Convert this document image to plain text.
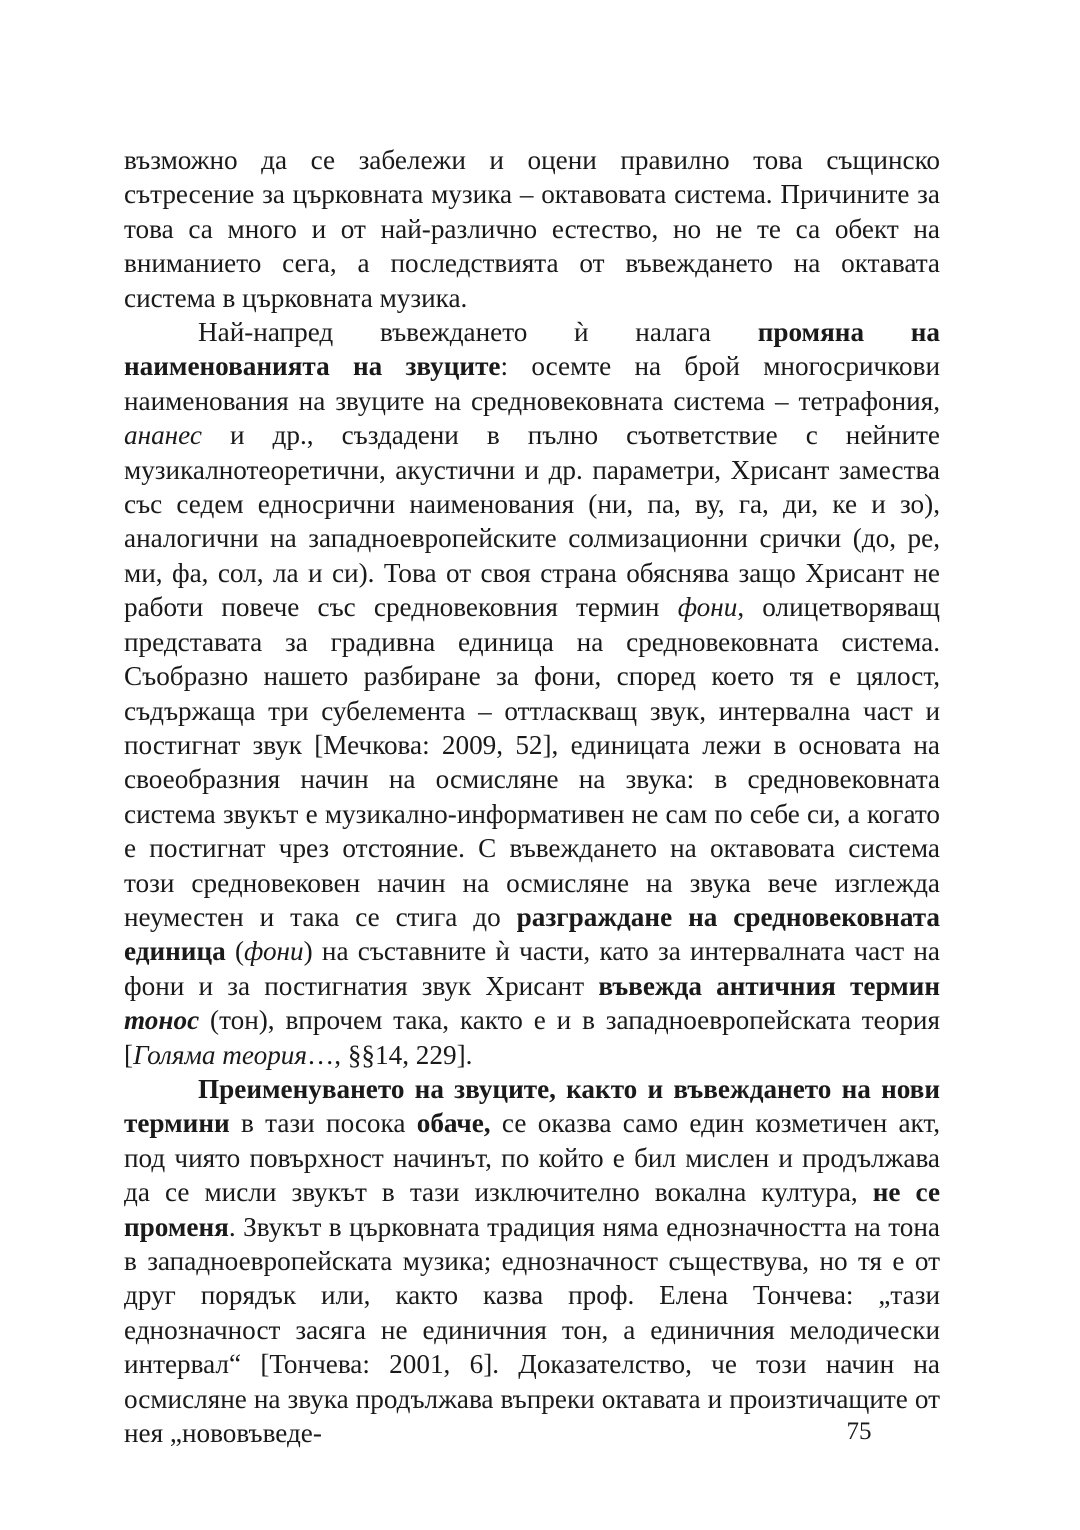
възможно да се забележи и оцени правилно това същинско сътресение за църковната музика – октавовата система. Причините за това са много и от най-различно естество, но не те са обект на вниманието сега, а последствията от въвеждането на октавата система в църковната музика.

Най-напред въвеждането ѝ налага промяна на наименованията на звуците: осемте на брой многосричкови наименования на звуците на средновековната система – тетрафония, ананес и др., създадени в пълно съответствие с нейните музикалнотеоретични, акустични и др. параметри, Хрисант замества със седем едносрични наименования (ни, па, ву, га, ди, ке и зо), аналогични на западноевропейските солмизационни срички (до, ре, ми, фа, сол, ла и си). Това от своя страна обяснява защо Хрисант не работи повече със средновековния термин фони, олицетворяващ представата за градивна единица на средновековната система. Съобразно нашето разбиране за фони, според което тя е цялост, съдържаща три субелемента – оттласкващ звук, интервална част и постигнат звук [Мечкова: 2009, 52], единицата лежи в основата на своеобразния начин на осмисляне на звука: в средновековната система звукът е музикално-информативен не сам по себе си, а когато е постигнат чрез отстояние. С въвеждането на октавовата система този средновековен начин на осмисляне на звука вече изглежда неуместен и така се стига до разграждане на средновековната единица (фони) на съставните ѝ части, като за интервалната част на фони и за постигнатия звук Хрисант въвежда античния термин тонос (тон), впрочем така, както е и в западноевропейската теория [Голяма теория…, §§14, 229].

Преименуването на звуците, както и въвеждането на нови термини в тази посока обаче, се оказва само един козметичен акт, под чиято повърхност начинът, по който е бил мислен и продължава да се мисли звукът в тази изключително вокална култура, не се променя. Звукът в църковната традиция няма еднозначността на тона в западноевропейската музика; еднозначност съществува, но тя е от друг порядък или, както казва проф. Елена Тончева: „тази еднозначност засяга не единичния тон, а единичния мелодически интервал“ [Тончева: 2001, 6]. Доказателство, че този начин на осмисляне на звука продължава въпреки октавата и произтичащите от нея „нововъведе-	75
